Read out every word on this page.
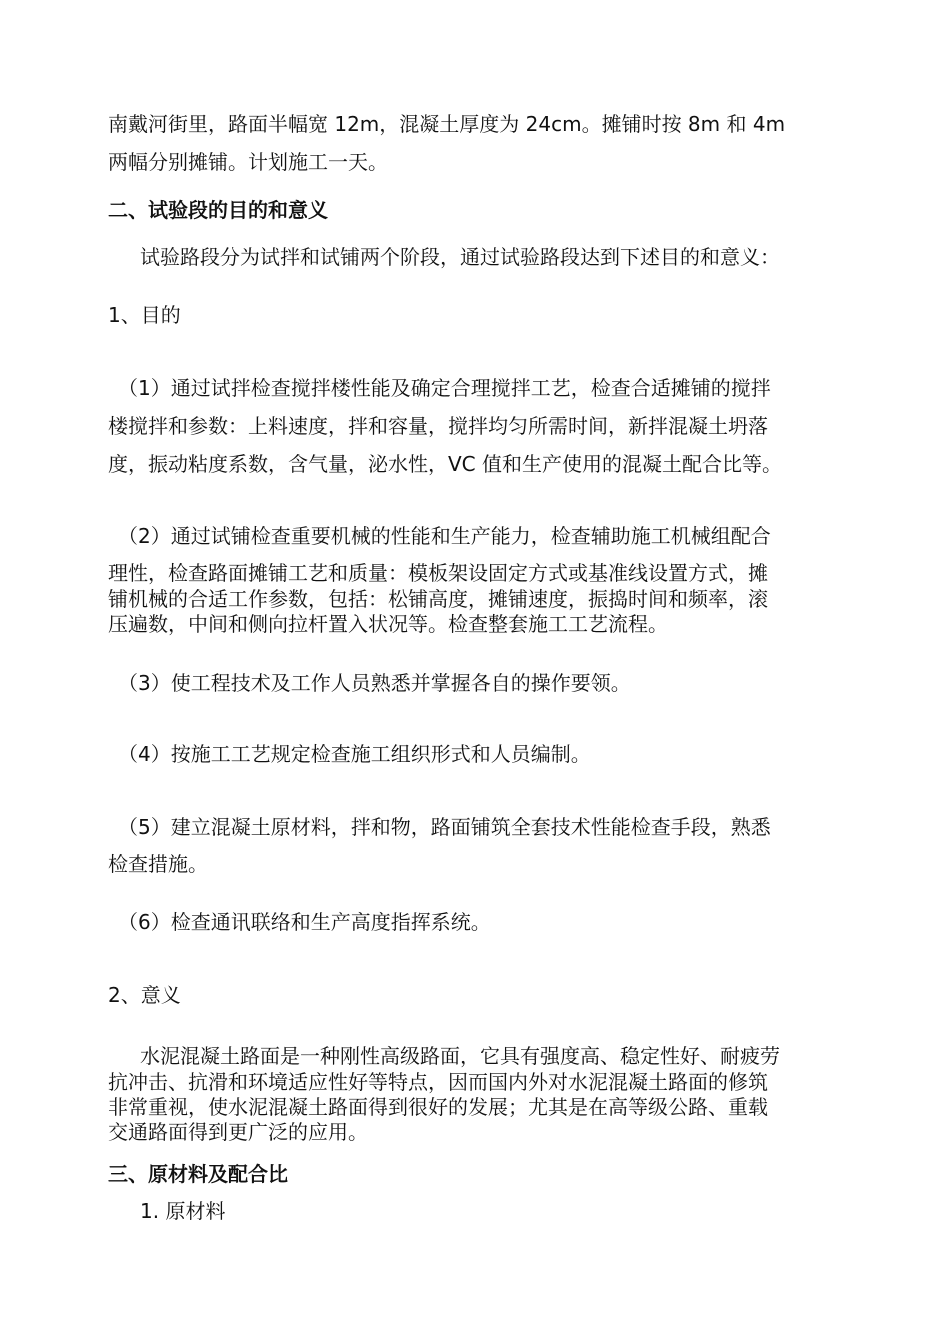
南戴河街里，路面半幅宽 12m，混凝土厚度为 24cm。摊铺时按 8m 和 4m
两幅分别摊铺。计划施工一天。
二、试验段的目的和意义
试验路段分为试拌和试铺两个阶段，通过试验路段达到下述目的和意义：
1、目的
（1）通过试拌检查搅拌楼性能及确定合理搅拌工艺，检查合适摊铺的搅拌
楼搅拌和参数：上料速度，拌和容量，搅拌均匀所需时间，新拌混凝土坍落
度，振动粘度系数，含气量，泌水性，VC 值和生产使用的混凝土配合比等。
（2）通过试铺检查重要机械的性能和生产能力，检查辅助施工机械组配合
理性，检查路面摊铺工艺和质量：模板架设固定方式或基准线设置方式，摊
铺机械的合适工作参数，包括：松铺高度，摊铺速度，振捣时间和频率，滚
压遍数，中间和侧向拉杆置入状况等。检查整套施工工艺流程。
（3）使工程技术及工作人员熟悉并掌握各自的操作要领。
（4）按施工工艺规定检查施工组织形式和人员编制。
（5）建立混凝土原材料，拌和物，路面铺筑全套技术性能检查手段，熟悉
检查措施。
（6）检查通讯联络和生产高度指挥系统。
2、意义
水泥混凝土路面是一种刚性高级路面，它具有强度高、稳定性好、耐疲劳
抗冲击、抗滑和环境适应性好等特点，因而国内外对水泥混凝土路面的修筑
非常重视，使水泥混凝土路面得到很好的发展；尤其是在高等级公路、重载
交通路面得到更广泛的应用。
三、原材料及配合比
1. 原材料
